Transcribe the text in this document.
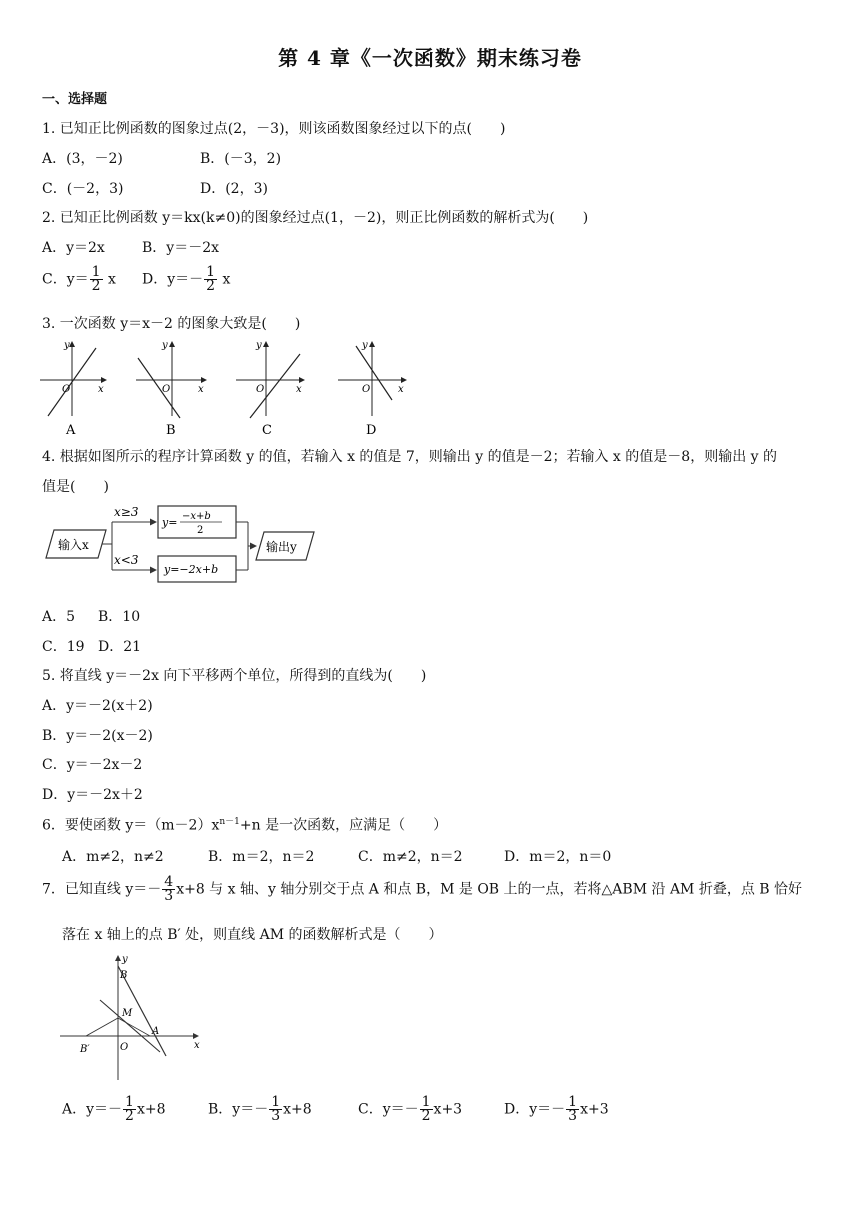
第 4 章《一次函数》期末练习卷
一、选择题
1. 已知正比例函数的图象过点(2，－3)，则该函数图象经过以下的点(　　)
A．(3，－2)	B．(－3，2)
C．(－2，3)	D．(2，3)
2. 已知正比例函数 y＝kx(k≠0)的图象经过点(1，－2)，则正比例函数的解析式为(　　)
A．y＝2x	B．y＝－2x
C．$y= \frac{1}{2}$ x D．$y=- \frac{1}{2}$ x
3. 一次函数 y＝x－2 的图象大致是(　　)
y
x
O
A
y
x
O
B
y
x
O
C
y
x
O
D
4. 根据如图所示的程序计算函数 y 的值，若输入 x 的值是 7，则输出 y 的值是－2；若输入 x 的值是－8，则输出 y 的
值是(　　)
输入x
x≥3
x<3
y= −x+b
2
y=−2x+b
输出y
A．5 B．10
C．19 D．21
5. 将直线 y＝－2x 向下平移两个单位，所得到的直线为(　　)
A．y＝－2(x＋2)
B．y＝－2(x－2)
C．y＝－2x－2
D．y＝－2x＋2
6．要使函数 $y=(m-2)x^{n-1}+n$ 是一次函数，应满足（　　）
A．m≠2，n≠2	B．m＝2，n＝2	C．m≠2，n＝2	D．m＝2，n＝0
7．已知直线 $y=- \frac{4}{3} x+8$ 与 x 轴、y 轴分别交于点 A 和点 B，M 是 OB 上的一点，若将△ABM 沿 AM 折叠，点 B 恰好
落在 x 轴上的点 B′ 处，则直线 AM 的函数解析式是（　　）
y
B
M
A
B′	O	x
A．$y=- \frac{1}{2} x+8$	B．$y=- \frac{1}{3} x+8$	C．$y=- \frac{1}{2} x+3$	D．$y=- \frac{1}{3} x+3$
